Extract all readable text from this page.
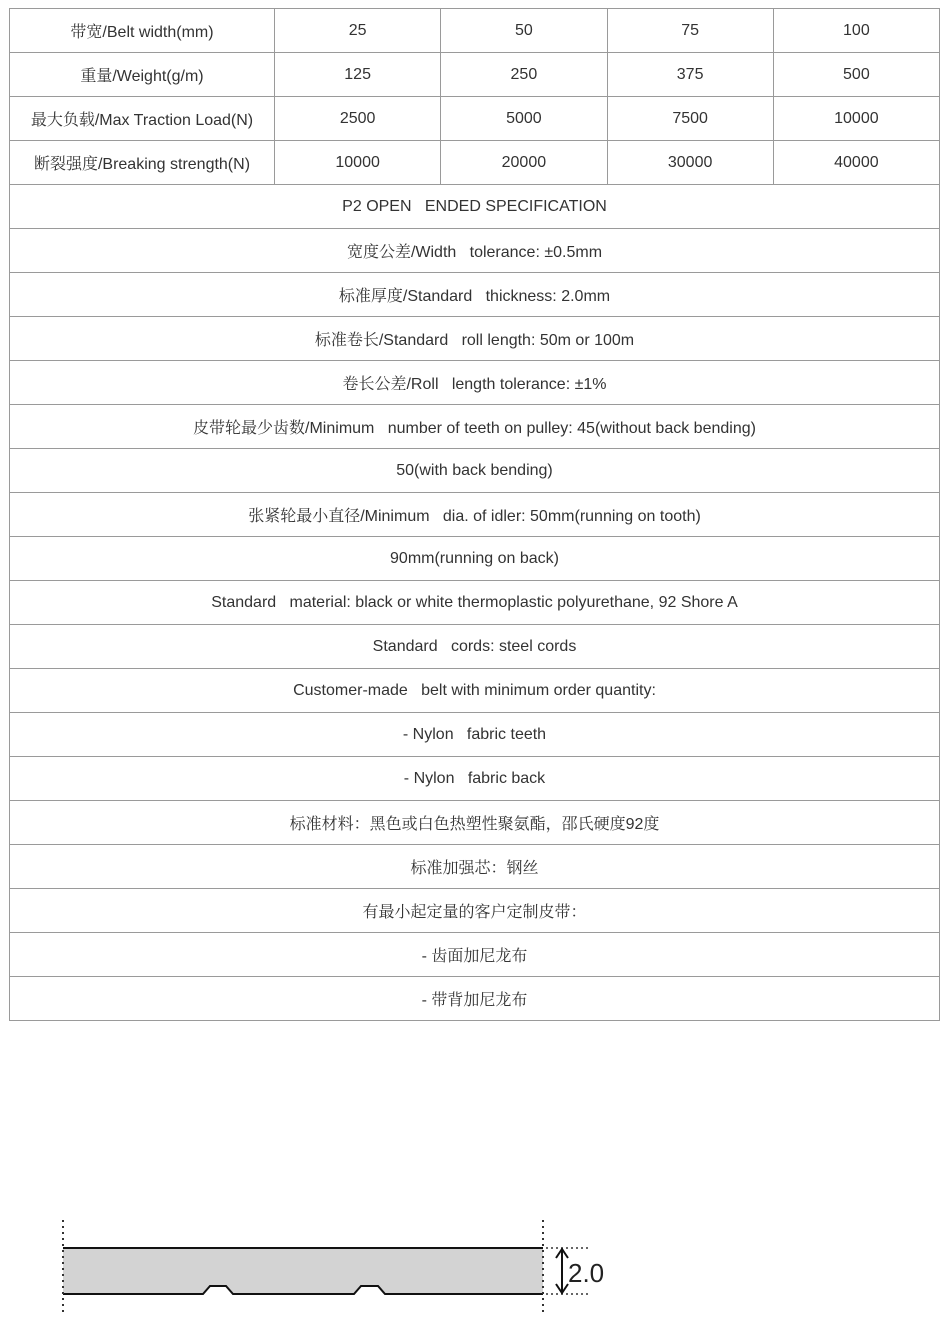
带宽/Belt width(mm)	25	50	75	100
重量/Weight(g/m)	125	250	375	500
最大负载/Max Traction Load(N)	2500	5000	7500	10000
断裂强度/Breaking strength(N)	10000	20000	30000	40000
P2 OPEN   ENDED SPECIFICATION				
宽度公差/Width   tolerance: ±0.5mm				
标准厚度/Standard   thickness: 2.0mm				
标准卷长/Standard   roll length: 50m or 100m				
卷长公差/Roll   length tolerance: ±1%				
皮带轮最少齿数/Minimum   number of teeth on pulley: 45(without back bending)				
50(with back bending)				
张紧轮最小直径/Minimum   dia. of idler: 50mm(running on tooth)				
90mm(running on back)				
Standard   material: black or white thermoplastic polyurethane, 92 Shore A				
Standard   cords: steel cords				
Customer-made   belt with minimum order quantity:				
- Nylon   fabric teeth				
- Nylon   fabric back				
标准材料：黑色或白色热塑性聚氨酯，邵氏硬度92度				
标准加强芯：钢丝				
有最小起定量的客户定制皮带：				
- 齿面加尼龙布				
- 带背加尼龙布				
2.0
